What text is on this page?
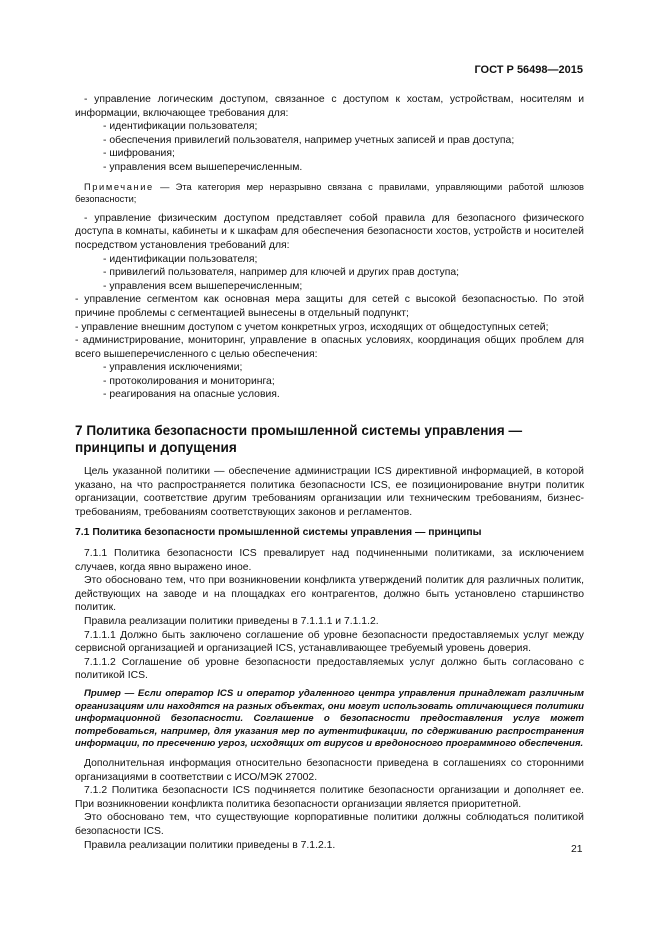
ГОСТ Р 56498—2015

- управление логическим доступом, связанное с доступом к хостам, устройствам, носителям и информации, включающее требования для:

- идентификации пользователя;

- обеспечения привилегий пользователя, например учетных записей и прав доступа;

- шифрования;

- управления всем вышеперечисленным.

Примечание — Эта категория мер неразрывно связана с правилами, управляющими работой шлюзов безопасности;

- управление физическим доступом представляет собой правила для безопасного физического доступа в комнаты, кабинеты и к шкафам для обеспечения безопасности хостов, устройств и носителей посредством установления требований для:

- идентификации пользователя;

- привилегий пользователя, например для ключей и других прав доступа;

- управления всем вышеперечисленным;

- управление сегментом как основная мера защиты для сетей с высокой безопасностью. По этой причине проблемы с сегментацией вынесены в отдельный подпункт;

- управление внешним доступом с учетом конкретных угроз, исходящих от общедоступных сетей;

- администрирование, мониторинг, управление в опасных условиях, координация общих проблем для всего вышеперечисленного с целью обеспечения:

- управления исключениями;

- протоколирования и мониторинга;

- реагирования на опасные условия.

7 Политика безопасности промышленной системы управления — принципы и допущения

Цель указанной политики — обеспечение администрации ICS директивной информацией, в которой указано, на что распространяется политика безопасности ICS, ее позиционирование внутри политик организации, соответствие другим требованиям организации или техническим требованиям, бизнес-требованиям, требованиям соответствующих законов и регламентов.

7.1 Политика безопасности промышленной системы управления — принципы

7.1.1 Политика безопасности ICS превалирует над подчиненными политиками, за исключением случаев, когда явно выражено иное.

Это обосновано тем, что при возникновении конфликта утверждений политик для различных политик, действующих на заводе и на площадках его контрагентов, должно быть установлено старшинство политик.

Правила реализации политики приведены в 7.1.1.1 и 7.1.1.2.

7.1.1.1 Должно быть заключено соглашение об уровне безопасности предоставляемых услуг между сервисной организацией и организацией ICS, устанавливающее требуемый уровень доверия.

7.1.1.2 Соглашение об уровне безопасности предоставляемых услуг должно быть согласовано с политикой ICS.

Пример — Если оператор ICS и оператор удаленного центра управления принадлежат различным организациям или находятся на разных объектах, они могут использовать отличающиеся политики информационной безопасности. Соглашение о безопасности предоставления услуг может потребоваться, например, для указания мер по аутентификации, по сдерживанию распространения информации, по пресечению угроз, исходящих от вирусов и вредоносного программного обеспечения.

Дополнительная информация относительно безопасности приведена в соглашениях со сторонними организациями в соответствии с ИСО/МЭК 27002.

7.1.2 Политика безопасности ICS подчиняется политике безопасности организации и дополняет ее. При возникновении конфликта политика безопасности организации является приоритетной.

Это обосновано тем, что существующие корпоративные политики должны соблюдаться политикой безопасности ICS.

Правила реализации политики приведены в 7.1.2.1.	21
